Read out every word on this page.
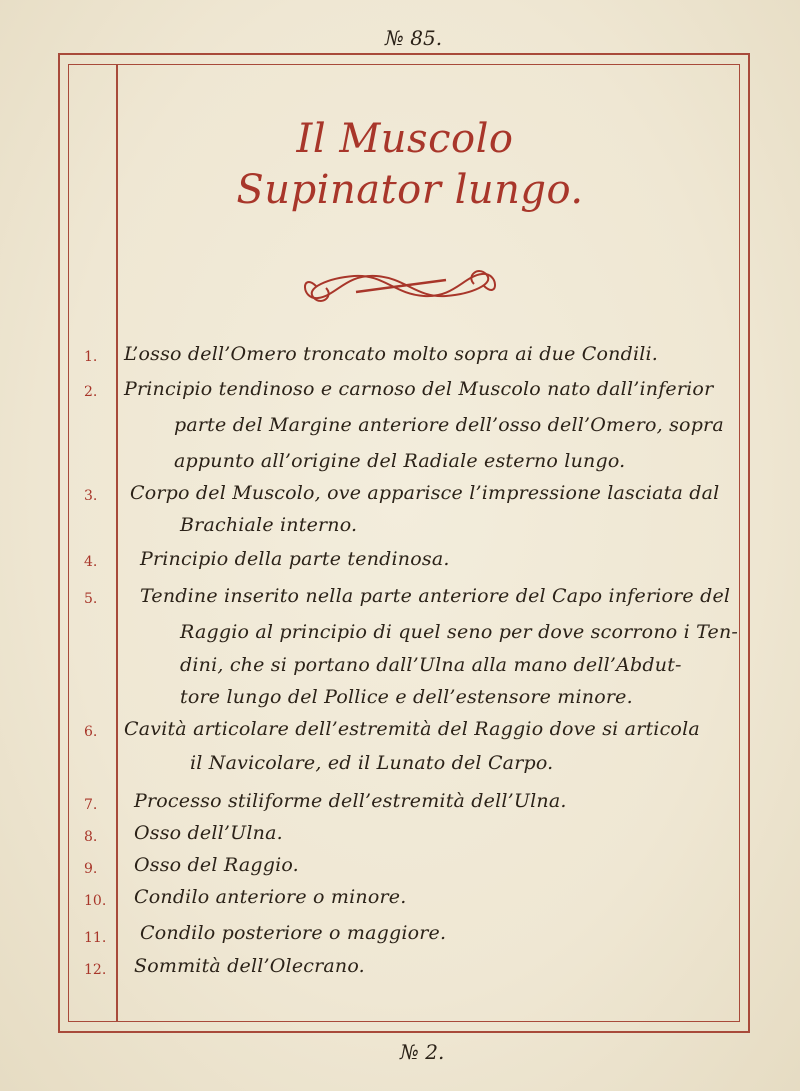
№ 85.
Il Muscolo
Supinator lungo.
1.	L’osso dell’Omero troncato molto sopra ai due Condili.
2.	Principio tendinoso e carnoso del Muscolo nato dall’inferior
parte del Margine anteriore dell’osso dell’Omero, sopra
appunto all’origine del Radiale esterno lungo.
3.	Corpo del Muscolo, ove apparisce l’impressione lasciata dal
Brachiale interno.
4.	Principio della parte tendinosa.
5.	Tendine inserito nella parte anteriore del Capo inferiore del
Raggio al principio di quel seno per dove scorrono i Ten-
dini, che si portano dall’Ulna alla mano dell’Abdut-
tore lungo del Pollice e dell’estensore minore.
6.	Cavità articolare dell’estremità del Raggio dove si articola
il Navicolare, ed il Lunato del Carpo.
7.	Processo stiliforme dell’estremità dell’Ulna.
8.	Osso dell’Ulna.
9.	Osso del Raggio.
10.	Condilo anteriore o minore.
11.	Condilo posteriore o maggiore.
12.	Sommità dell’Olecrano.
№ 2.
